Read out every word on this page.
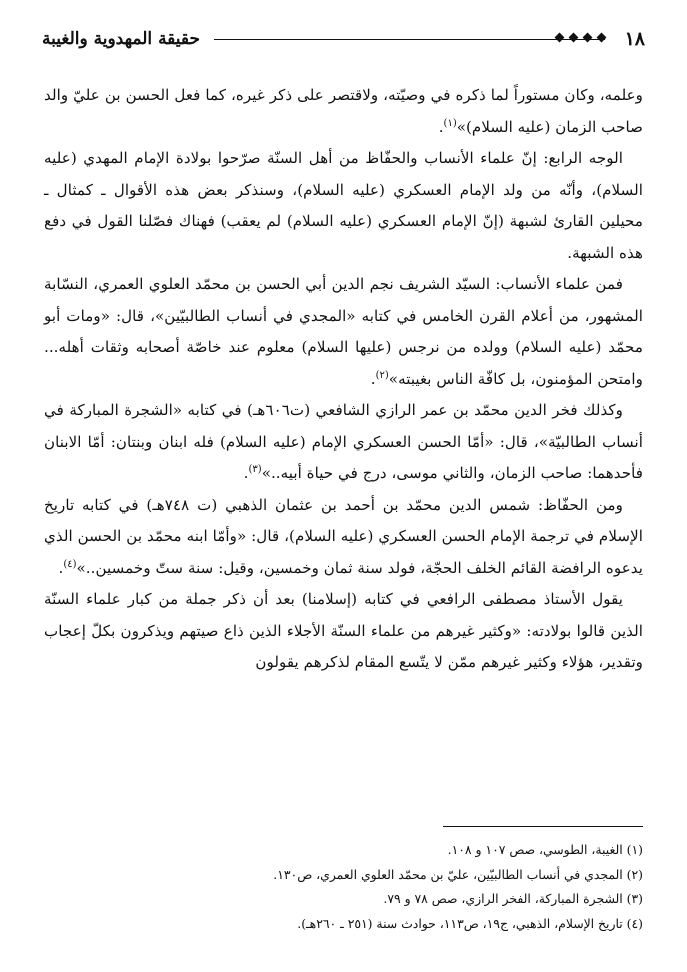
١٨
حقيقة المهدوية والغيبة

وعلمه، وكان مستوراً لما ذكره في وصيّته، ولاقتصر على ذكر غيره، كما فعل الحسن بن عليّ والد صاحب الزمان (عليه السلام)»$^{(١)}$.

الوجه الرابع: إنّ علماء الأنساب والحفّاظ من أهل السنّة صرّحوا بولادة الإمام المهدي (عليه السلام)، وأنّه من ولد الإمام العسكري (عليه السلام)، وسنذكر بعض هذه الأقوال ـ كمثال ـ محيلين القارئ لشبهة (إنّ الإمام العسكري (عليه السلام) لم يعقب) فهناك فصّلنا القول في دفع هذه الشبهة.

فمن علماء الأنساب: السيّد الشريف نجم الدين أبي الحسن بن محمّد العلوي العمري، النسّابة المشهور، من أعلام القرن الخامس في كتابه «المجدي في أنساب الطالبيّين»، قال: «ومات أبو محمّد (عليه السلام) وولده من نرجس (عليها السلام) معلوم عند خاصّة أصحابه وثقات أهله... وامتحن المؤمنون، بل كافّة الناس بغيبته»$^{(٢)}$.

وكذلك فخر الدين محمّد بن عمر الرازي الشافعي (ت٦٠٦هـ) في كتابه «الشجرة المباركة في أنساب الطالبيّة»، قال: «أمّا الحسن العسكري الإمام (عليه السلام) فله ابنان وبنتان: أمّا الابنان فأحدهما: صاحب الزمان، والثاني موسى، درج في حياة أبيه..»$^{(٣)}$.

ومن الحفّاظ: شمس الدين محمّد بن أحمد بن عثمان الذهبي (ت ٧٤٨هـ) في كتابه تاريخ الإسلام في ترجمة الإمام الحسن العسكري (عليه السلام)، قال: «وأمّا ابنه محمّد بن الحسن الذي يدعوه الرافضة القائم الخلف الحجّة، فولد سنة ثمان وخمسين، وقيل: سنة ستّ وخمسين..»$^{(٤)}$.

يقول الأستاذ مصطفى الرافعي في كتابه (إسلامنا) بعد أن ذكر جملة من كبار علماء السنّة الذين قالوا بولادته: «وكثير غيرهم من علماء السنّة الأجلاء الذين ذاع صيتهم ويذكرون بكلّ إعجاب وتقدير، هؤلاء وكثير غيرهم ممّن لا يتّسع المقام لذكرهم يقولون

(١) الغيبة، الطوسي، صص ١٠٧ و ١٠٨.
(٢) المجدي في أنساب الطالبيّين، عليّ بن محمّد العلوي العمري، ص١٣٠.
(٣) الشجرة المباركة، الفخر الرازي، صص ٧٨ و ٧٩.
(٤) تاريخ الإسلام، الذهبي، ج١٩، ص١١٣، حوادث سنة (٢٥١ ـ ٢٦٠هـ).
